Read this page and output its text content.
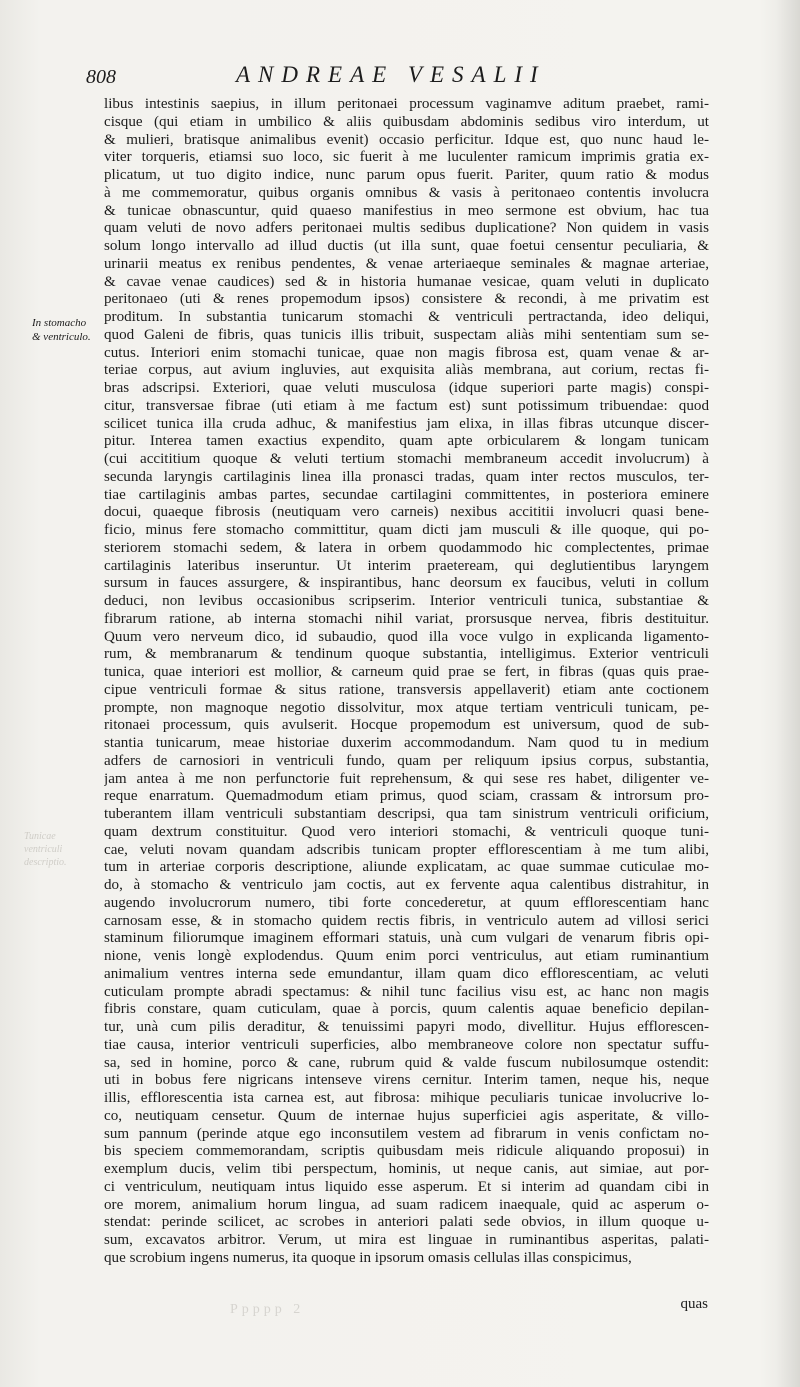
808	ANDREAE VESALII
In stomacho
& ventriculo.
Tunicae
ventriculi
descriptio.
libus intestinis saepius, in illum peritonaei processum vaginamve aditum praebet, rami-
cisque (qui etiam in umbilico & aliis quibusdam abdominis sedibus viro interdum, ut
& mulieri, bratisque animalibus evenit) occasio perficitur. Idque est, quo nunc haud le-
viter torqueris, etiamsi suo loco, sic fuerit à me luculenter ramicum imprimis gratia ex-
plicatum, ut tuo digito indice, nunc parum opus fuerit. Pariter, quum ratio & modus
à me commemoratur, quibus organis omnibus & vasis à peritonaeo contentis involucra
& tunicae obnascuntur, quid quaeso manifestius in meo sermone est obvium, hac tua
quam veluti de novo adfers peritonaei multis sedibus duplicatione? Non quidem in vasis
solum longo intervallo ad illud ductis (ut illa sunt, quae foetui censentur peculiaria, &
urinarii meatus ex renibus pendentes, & venae arteriaeque seminales & magnae arteriae,
& cavae venae caudices) sed & in historia humanae vesicae, quam veluti in duplicato
peritonaeo (uti & renes propemodum ipsos) consistere & recondi, à me privatim est
proditum. In substantia tunicarum stomachi & ventriculi pertractanda, ideo deliqui,
quod Galeni de fibris, quas tunicis illis tribuit, suspectam aliàs mihi sententiam sum se-
cutus. Interiori enim stomachi tunicae, quae non magis fibrosa est, quam venae & ar-
teriae corpus, aut avium ingluvies, aut exquisita aliàs membrana, aut corium, rectas fi-
bras adscripsi. Exteriori, quae veluti musculosa (idque superiori parte magis) conspi-
citur, transversae fibrae (uti etiam à me factum est) sunt potissimum tribuendae: quod
scilicet tunica illa cruda adhuc, & manifestius jam elixa, in illas fibras utcunque discer-
pitur. Interea tamen exactius expendito, quam apte orbicularem & longam tunicam
(cui accititium quoque & veluti tertium stomachi membraneum accedit involucrum) à
secunda laryngis cartilaginis linea illa pronasci tradas, quam inter rectos musculos, ter-
tiae cartilaginis ambas partes, secundae cartilagini committentes, in posteriora eminere
docui, quaeque fibrosis (neutiquam vero carneis) nexibus accititii involucri quasi bene-
ficio, minus fere stomacho committitur, quam dicti jam musculi & ille quoque, qui po-
steriorem stomachi sedem, & latera in orbem quodammodo hic complectentes, primae
cartilaginis lateribus inseruntur. Ut interim praeteream, qui deglutientibus laryngem
sursum in fauces assurgere, & inspirantibus, hanc deorsum ex faucibus, veluti in collum
deduci, non levibus occasionibus scripserim. Interior ventriculi tunica, substantiae &
fibrarum ratione, ab interna stomachi nihil variat, prorsusque nervea, fibris destituitur.
Quum vero nerveum dico, id subaudio, quod illa voce vulgo in explicanda ligamento-
rum, & membranarum & tendinum quoque substantia, intelligimus. Exterior ventriculi
tunica, quae interiori est mollior, & carneum quid prae se fert, in fibras (quas quis prae-
cipue ventriculi formae & situs ratione, transversis appellaverit) etiam ante coctionem
prompte, non magnoque negotio dissolvitur, mox atque tertiam ventriculi tunicam, pe-
ritonaei processum, quis avulserit. Hocque propemodum est universum, quod de sub-
stantia tunicarum, meae historiae duxerim accommodandum. Nam quod tu in medium
adfers de carnosiori in ventriculi fundo, quam per reliquum ipsius corpus, substantia,
jam antea à me non perfunctorie fuit reprehensum, & qui sese res habet, diligenter ve-
reque enarratum. Quemadmodum etiam primus, quod sciam, crassam & introrsum pro-
tuberantem illam ventriculi substantiam descripsi, qua tam sinistrum ventriculi orificium,
quam dextrum constituitur. Quod vero interiori stomachi, & ventriculi quoque tuni-
cae, veluti novam quandam adscribis tunicam propter efflorescentiam à me tum alibi,
tum in arteriae corporis descriptione, aliunde explicatam, ac quae summae cuticulae mo-
do, à stomacho & ventriculo jam coctis, aut ex fervente aqua calentibus distrahitur, in
augendo involucrorum numero, tibi forte concederetur, at quum efflorescentiam hanc
carnosam esse, & in stomacho quidem rectis fibris, in ventriculo autem ad villosi serici
staminum filiorumque imaginem efformari statuis, unà cum vulgari de venarum fibris opi-
nione, venis longè explodendus. Quum enim porci ventriculus, aut etiam ruminantium
animalium ventres interna sede emundantur, illam quam dico efflorescentiam, ac veluti
cuticulam prompte abradi spectamus: & nihil tunc facilius visu est, ac hanc non magis
fibris constare, quam cuticulam, quae à porcis, quum calentis aquae beneficio depilan-
tur, unà cum pilis deraditur, & tenuissimi papyri modo, divellitur. Hujus efflorescen-
tiae causa, interior ventriculi superficies, albo membraneove colore non spectatur suffu-
sa, sed in homine, porco & cane, rubrum quid & valde fuscum nubilosumque ostendit:
uti in bobus fere nigricans intenseve virens cernitur. Interim tamen, neque his, neque
illis, efflorescentia ista carnea est, aut fibrosa: mihique peculiaris tunicae involucrive lo-
co, neutiquam censetur. Quum de internae hujus superficiei agis asperitate, & villo-
sum pannum (perinde atque ego inconsutilem vestem ad fibrarum in venis confictam no-
bis speciem commemorandam, scriptis quibusdam meis ridicule aliquando proposui) in
exemplum ducis, velim tibi perspectum, hominis, ut neque canis, aut simiae, aut por-
ci ventriculum, neutiquam intus liquido esse asperum. Et si interim ad quandam cibi in
ore morem, animalium horum lingua, ad suam radicem inaequale, quid ac asperum o-
stendat: perinde scilicet, ac scrobes in anteriori palati sede obvios, in illum quoque u-
sum, excavatos arbitror. Verum, ut mira est linguae in ruminantibus asperitas, palati-
que scrobium ingens numerus, ita quoque in ipsorum omasis cellulas illas conspicimus,
Ppppp 2	quas
